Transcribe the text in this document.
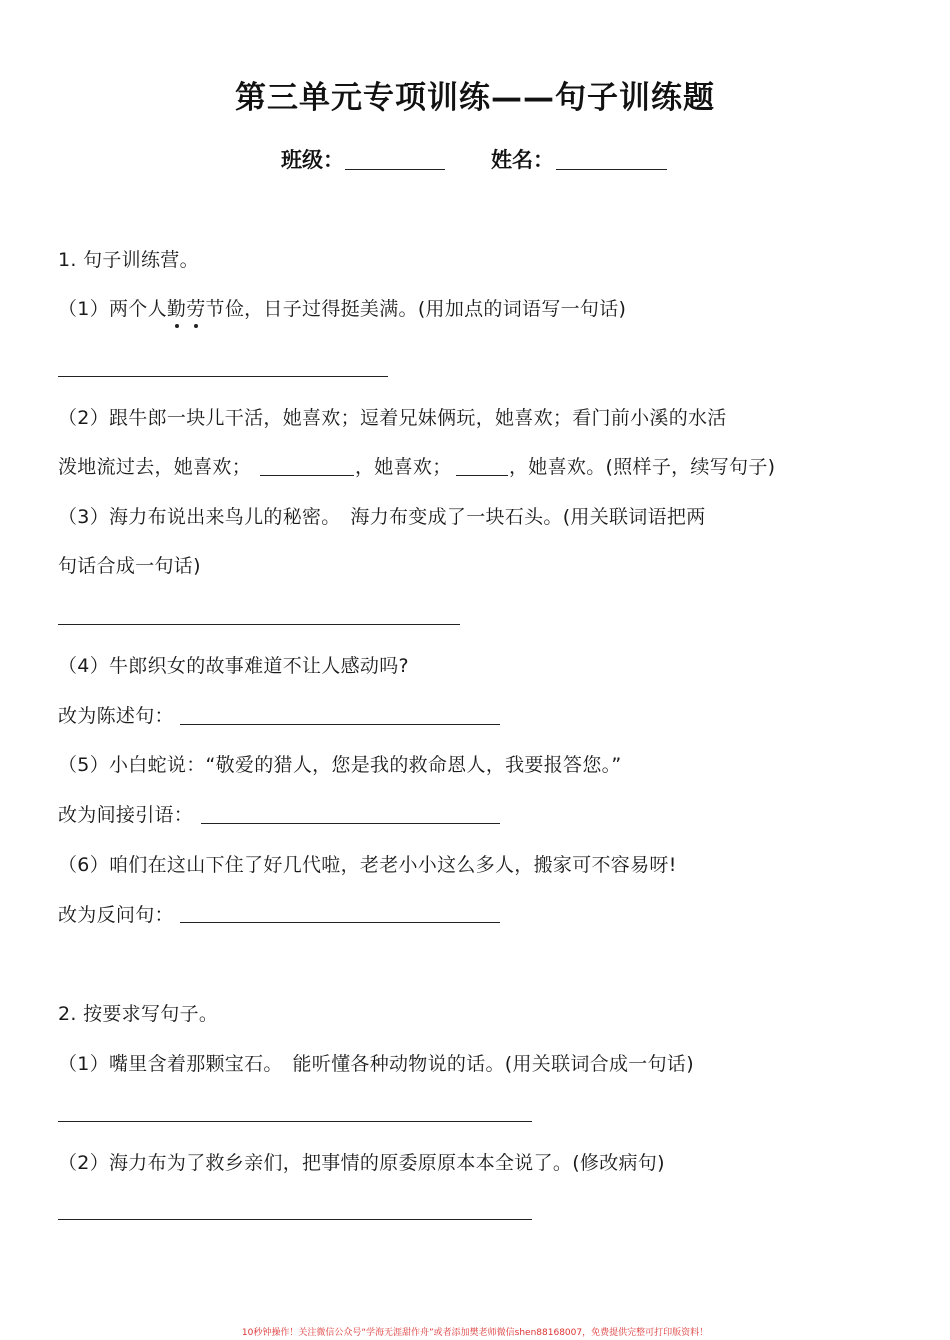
第三单元专项训练——句子训练题
班级：	姓名：
1. 句子训练营。
（1）两个人勤劳节俭，日子过得挺美满。(用加点的词语写一句话)
（2）跟牛郎一块儿干活，她喜欢；逗着兄妹俩玩，她喜欢；看门前小溪的水活
泼地流过去，她喜欢；	，她喜欢；	，她喜欢。(照样子，续写句子)
（3）海力布说出来鸟儿的秘密。　海力布变成了一块石头。(用关联词语把两
句话合成一句话)
（4）牛郎织女的故事难道不让人感动吗?
改为陈述句：
（5）小白蛇说：“敬爱的猎人，您是我的救命恩人，我要报答您。”
改为间接引语：
（6）咱们在这山下住了好几代啦，老老小小这么多人，搬家可不容易呀!
改为反问句：
2. 按要求写句子。
（1）嘴里含着那颗宝石。　能听懂各种动物说的话。(用关联词合成一句话)
（2）海力布为了救乡亲们，把事情的原委原原本本全说了。(修改病句)
10秒钟操作！关注微信公众号“学海无涯甜作舟”或者添加樊老师微信shen88168007，免费提供完整可打印版资料！
